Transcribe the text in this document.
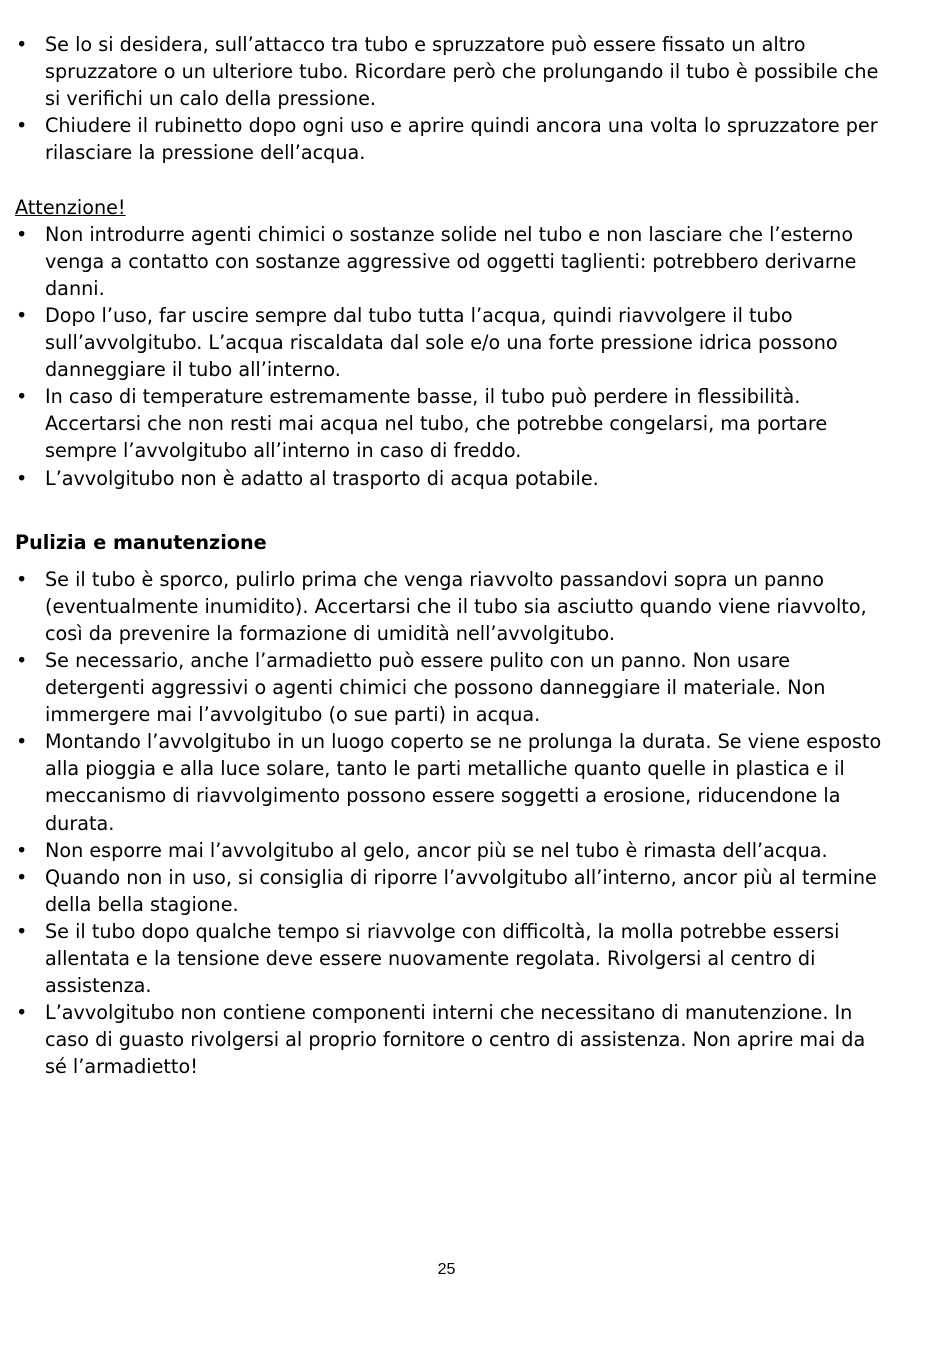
• Se lo si desidera, sull’attacco tra tubo e spruzzatore può essere fissato un altro spruzzatore o un ulteriore tubo. Ricordare però che prolungando il tubo è possibile che si verifichi un calo della pressione.
• Chiudere il rubinetto dopo ogni uso e aprire quindi ancora una volta lo spruzzatore per rilasciare la pressione dell’acqua.
Attenzione!
• Non introdurre agenti chimici o sostanze solide nel tubo e non lasciare che l’esterno venga a contatto con sostanze aggressive od oggetti taglienti: potrebbero derivarne danni.
• Dopo l’uso, far uscire sempre dal tubo tutta l’acqua, quindi riavvolgere il tubo sull’avvolgitubo. L’acqua riscaldata dal sole e/o una forte pressione idrica possono danneggiare il tubo all’interno.
• In caso di temperature estremamente basse, il tubo può perdere in flessibilità. Accertarsi che non resti mai acqua nel tubo, che potrebbe congelarsi, ma portare sempre l’avvolgitubo all’interno in caso di freddo.
• L’avvolgitubo non è adatto al trasporto di acqua potabile.
Pulizia e manutenzione
• Se il tubo è sporco, pulirlo prima che venga riavvolto passandovi sopra un panno (eventualmente inumidito). Accertarsi che il tubo sia asciutto quando viene riavvolto, così da prevenire la formazione di umidità nell’avvolgitubo.
• Se necessario, anche l’armadietto può essere pulito con un panno. Non usare detergenti aggressivi o agenti chimici che possono danneggiare il materiale. Non immergere mai l’avvolgitubo (o sue parti) in acqua.
• Montando l’avvolgitubo in un luogo coperto se ne prolunga la durata. Se viene esposto alla pioggia e alla luce solare, tanto le parti metalliche quanto quelle in plastica e il meccanismo di riavvolgimento possono essere soggetti a erosione, riducendone la durata.
• Non esporre mai l’avvolgitubo al gelo, ancor più se nel tubo è rimasta dell’acqua.
• Quando non in uso, si consiglia di riporre l’avvolgitubo all’interno, ancor più al termine della bella stagione.
• Se il tubo dopo qualche tempo si riavvolge con difficoltà, la molla potrebbe essersi allentata e la tensione deve essere nuovamente regolata. Rivolgersi al centro di assistenza.
• L’avvolgitubo non contiene componenti interni che necessitano di manutenzione. In caso di guasto rivolgersi al proprio fornitore o centro di assistenza. Non aprire mai da sé l’armadietto!
25
